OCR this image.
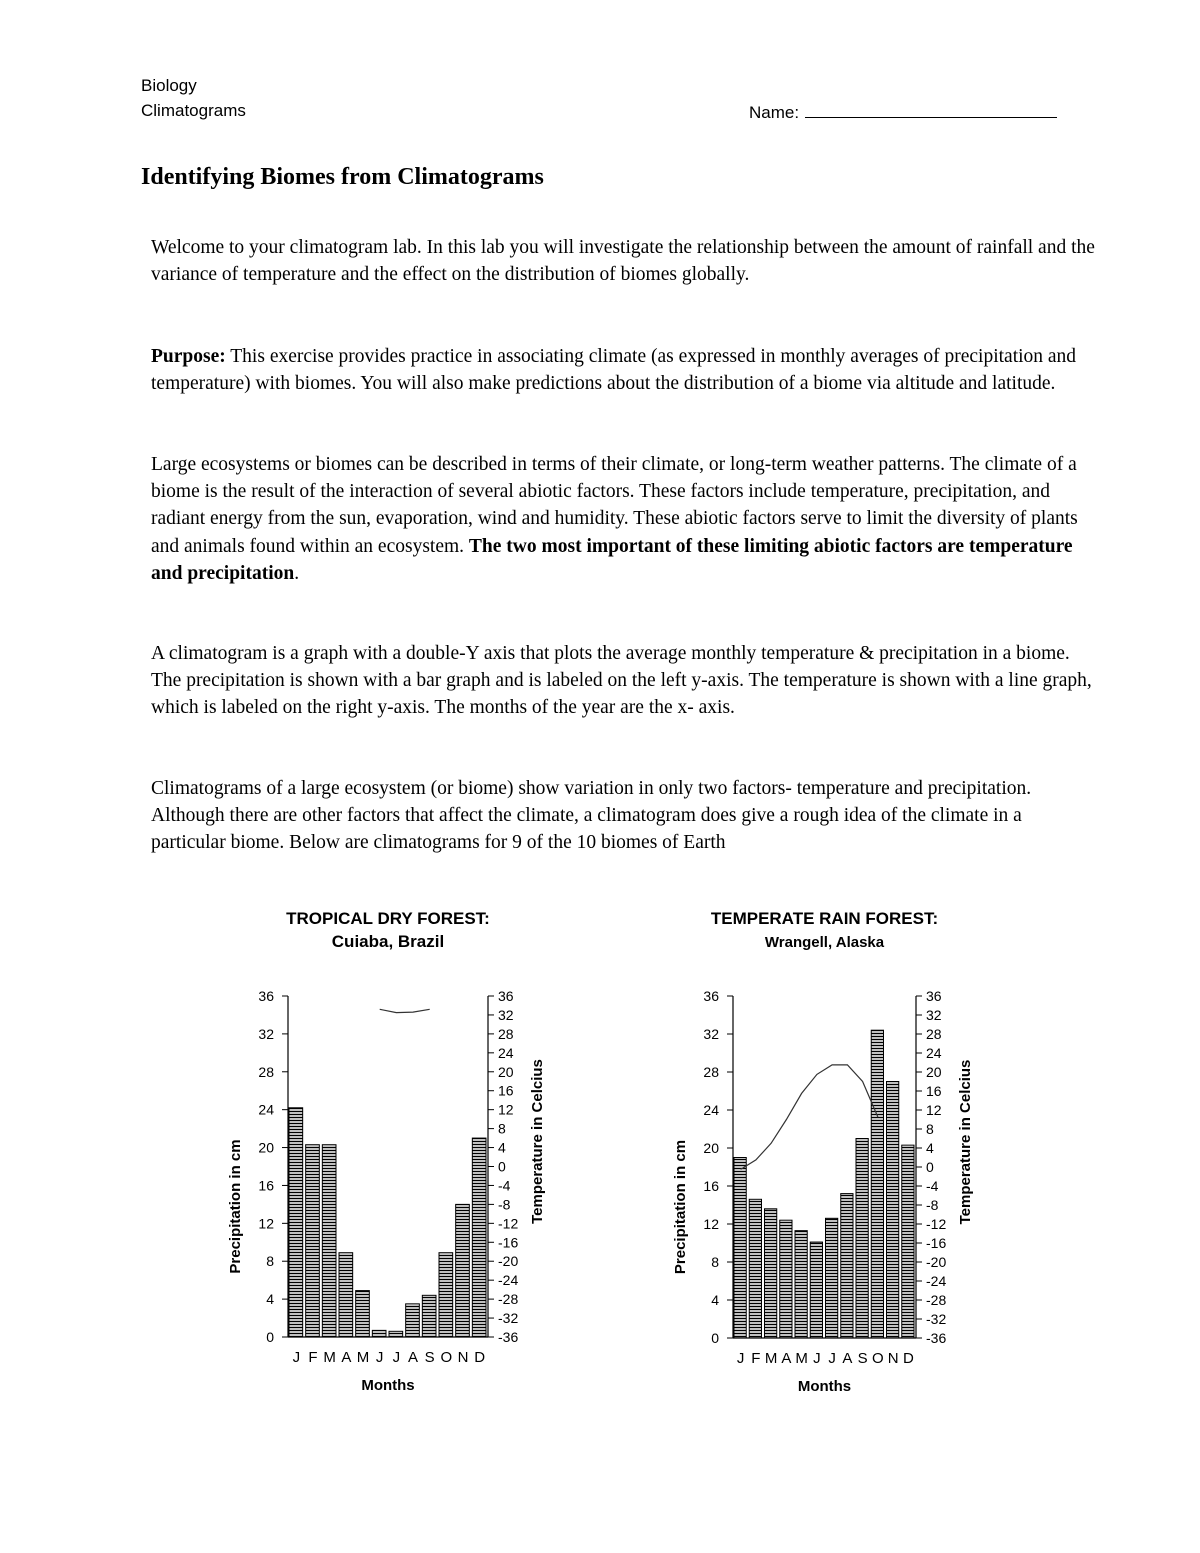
Biology
Climatograms	Name:
Identifying Biomes from Climatograms

Welcome to your climatogram lab. In this lab you will investigate the relationship between the amount of rainfall and the variance of temperature and the effect on the distribution of biomes globally.

Purpose: This exercise provides practice in associating climate (as expressed in monthly averages of precipitation and temperature) with biomes. You will also make predictions about the distribution of a biome via altitude and latitude.

Large ecosystems or biomes can be described in terms of their climate, or long-term weather patterns. The climate of a biome is the result of the interaction of several abiotic factors. These factors include temperature, precipitation, and radiant energy from the sun, evaporation, wind and humidity. These abiotic factors serve to limit the diversity of plants and animals found within an ecosystem. The two most important of these limiting abiotic factors are temperature and precipitation.

A climatogram is a graph with a double-Y axis that plots the average monthly temperature & precipitation in a biome. The precipitation is shown with a bar graph and is labeled on the left y-axis. The temperature is shown with a line graph, which is labeled on the right y-axis. The months of the year are the x- axis.

Climatograms of a large ecosystem (or biome) show variation in only two factors- temperature and precipitation. Although there are other factors that affect the climate, a climatogram does give a rough idea of the climate in a particular biome. Below are climatograms for 9 of the 10 biomes of Earth

TROPICAL DRY FOREST:
Cuiaba, Brazil
0
4
8
12
16
20
24
28
32
36
-36
-32
-28
-24
-20
-16
-12
-8
-4
0
4
8
12
16
20
24
28
32
36
J F M A M J J A S O N D
Months
Precipitation in cm	Temperature in Celcius
TEMPERATE RAIN FOREST:
Wrangell, Alaska
0
4
8
12
16
20
24
28
32
36
-36
-32
-28
-24
-20
-16
-12
-8
-4
0
4
8
12
16
20
24
28
32
36
J F M A M J J A S O N D
Months
Precipitation in cm	Temperature in Celcius
